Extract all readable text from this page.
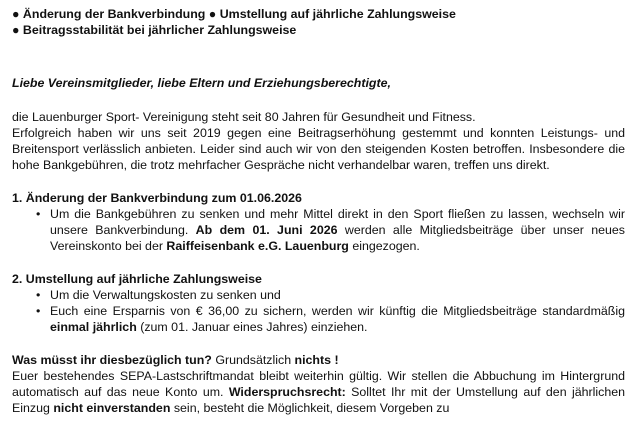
● Änderung der Bankverbindung ● Umstellung auf jährliche Zahlungsweise
● Beitragsstabilität bei jährlicher Zahlungsweise
Liebe Vereinsmitglieder, liebe Eltern und Erziehungsberechtigte,
die Lauenburger Sport- Vereinigung steht seit 80 Jahren für Gesundheit und Fitness.
Erfolgreich haben wir uns seit 2019 gegen eine Beitragserhöhung gestemmt und konnten Leistungs- und Breitensport verlässlich anbieten. Leider sind auch wir von den steigenden Kosten betroffen. Insbesondere die hohe Bankgebühren, die trotz mehrfacher Gespräche nicht verhandelbar waren, treffen uns direkt.
1. Änderung der Bankverbindung zum 01.06.2026
• Um die Bankgebühren zu senken und mehr Mittel direkt in den Sport fließen zu lassen, wechseln wir unsere Bankverbindung. Ab dem 01. Juni 2026 werden alle Mitgliedsbeiträge über unser neues Vereinskonto bei der Raiffeisenbank e.G. Lauenburg eingezogen.
2. Umstellung auf jährliche Zahlungsweise
• Um die Verwaltungskosten zu senken und
• Euch eine Ersparnis von € 36,00 zu sichern, werden wir künftig die Mitgliedsbeiträge standardmäßig einmal jährlich (zum 01. Januar eines Jahres) einziehen.
Was müsst ihr diesbezüglich tun? Grundsätzlich nichts !
Euer bestehendes SEPA-Lastschriftmandat bleibt weiterhin gültig. Wir stellen die Abbuchung im Hintergrund automatisch auf das neue Konto um. Widerspruchsrecht: Solltet Ihr mit der Umstellung auf den jährlichen Einzug nicht einverstanden sein, besteht die Möglichkeit, diesem Vorgeben zu
